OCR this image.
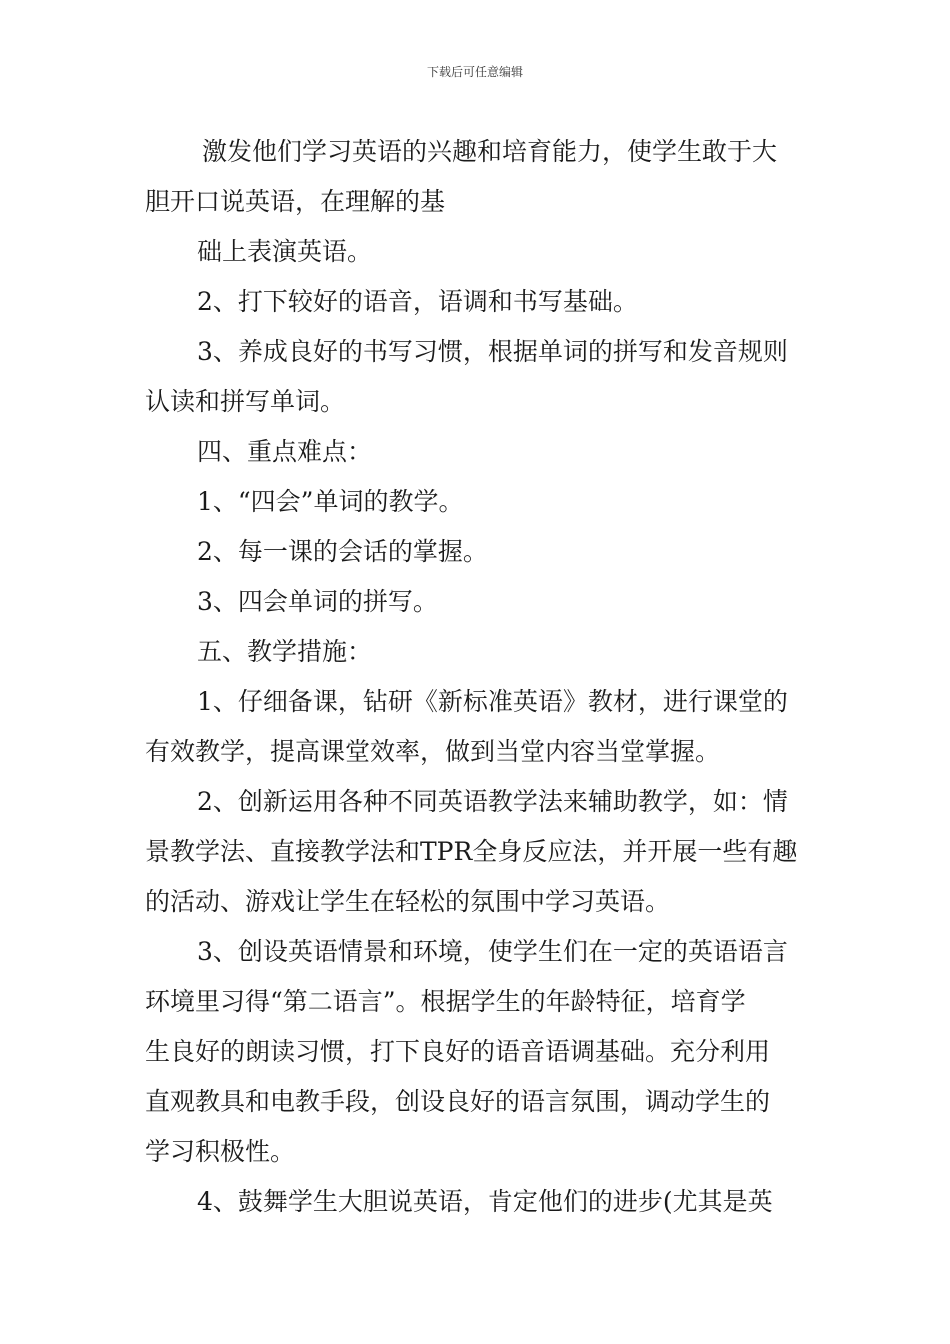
下载后可任意编辑

激发他们学习英语的兴趣和培育能力，使学生敢于大

胆开口说英语，在理解的基

础上表演英语。

2、打下较好的语音，语调和书写基础。

3、养成良好的书写习惯，根据单词的拼写和发音规则

认读和拼写单词。

四、重点难点：

1、“四会”单词的教学。

2、每一课的会话的掌握。

3、四会单词的拼写。

五、教学措施：

1、仔细备课，钻研《新标准英语》教材，进行课堂的

有效教学，提高课堂效率，做到当堂内容当堂掌握。

2、创新运用各种不同英语教学法来辅助教学，如：情

景教学法、直接教学法和TPR全身反应法，并开展一些有趣

的活动、游戏让学生在轻松的氛围中学习英语。

3、创设英语情景和环境，使学生们在一定的英语语言

环境里习得“第二语言”。根据学生的年龄特征，培育学

生良好的朗读习惯，打下良好的语音语调基础。充分利用

直观教具和电教手段，创设良好的语言氛围，调动学生的

学习积极性。

4、鼓舞学生大胆说英语，肯定他们的进步(尤其是英
